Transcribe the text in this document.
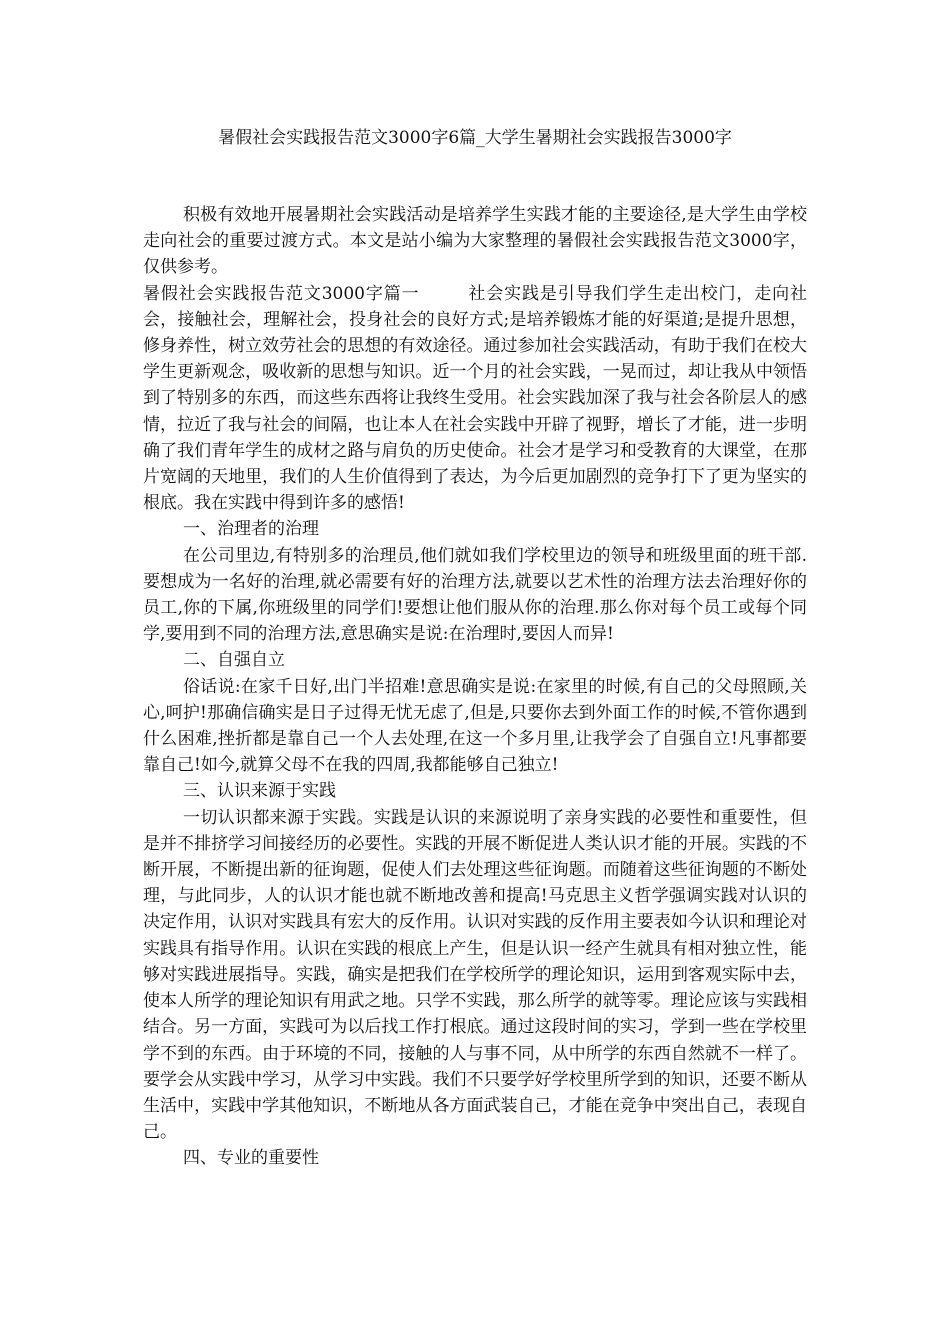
暑假社会实践报告范文3000字6篇_大学生暑期社会实践报告3000字

积极有效地开展暑期社会实践活动是培养学生实践才能的主要途径,是大学生由学校走向社会的重要过渡方式。本文是站小编为大家整理的暑假社会实践报告范文3000字，仅供参考。

暑假社会实践报告范文3000字篇一	社会实践是引导我们学生走出校门，走向社会，接触社会，理解社会，投身社会的良好方式;是培养锻炼才能的好渠道;是提升思想，修身养性，树立效劳社会的思想的有效途径。通过参加社会实践活动，有助于我们在校大学生更新观念，吸收新的思想与知识。近一个月的社会实践，一晃而过，却让我从中领悟到了特别多的东西，而这些东西将让我终生受用。社会实践加深了我与社会各阶层人的感情，拉近了我与社会的间隔，也让本人在社会实践中开辟了视野，增长了才能，进一步明确了我们青年学生的成材之路与肩负的历史使命。社会才是学习和受教育的大课堂，在那片宽阔的天地里，我们的人生价值得到了表达，为今后更加剧烈的竞争打下了更为坚实的根底。我在实践中得到许多的感悟!

一、治理者的治理

在公司里边,有特别多的治理员,他们就如我们学校里边的领导和班级里面的班干部.要想成为一名好的治理,就必需要有好的治理方法,就要以艺术性的治理方法去治理好你的员工,你的下属,你班级里的同学们!要想让他们服从你的治理.那么你对每个员工或每个同学,要用到不同的治理方法,意思确实是说:在治理时,要因人而异!

二、自强自立

俗话说:在家千日好,出门半招难!意思确实是说:在家里的时候,有自己的父母照顾,关心,呵护!那确信确实是日子过得无忧无虑了,但是,只要你去到外面工作的时候,不管你遇到什么困难,挫折都是靠自己一个人去处理,在这一个多月里,让我学会了自强自立!凡事都要靠自己!如今,就算父母不在我的四周,我都能够自己独立!

三、认识来源于实践

一切认识都来源于实践。实践是认识的来源说明了亲身实践的必要性和重要性，但是并不排挤学习间接经历的必要性。实践的开展不断促进人类认识才能的开展。实践的不断开展，不断提出新的征询题，促使人们去处理这些征询题。而随着这些征询题的不断处理，与此同步，人的认识才能也就不断地改善和提高!马克思主义哲学强调实践对认识的决定作用，认识对实践具有宏大的反作用。认识对实践的反作用主要表如今认识和理论对实践具有指导作用。认识在实践的根底上产生，但是认识一经产生就具有相对独立性，能够对实践进展指导。实践，确实是把我们在学校所学的理论知识，运用到客观实际中去，使本人所学的理论知识有用武之地。只学不实践，那么所学的就等零。理论应该与实践相结合。另一方面，实践可为以后找工作打根底。通过这段时间的实习，学到一些在学校里学不到的东西。由于环境的不同，接触的人与事不同，从中所学的东西自然就不一样了。要学会从实践中学习，从学习中实践。我们不只要学好学校里所学到的知识，还要不断从生活中，实践中学其他知识，不断地从各方面武装自己，才能在竞争中突出自己，表现自己。

四、专业的重要性
